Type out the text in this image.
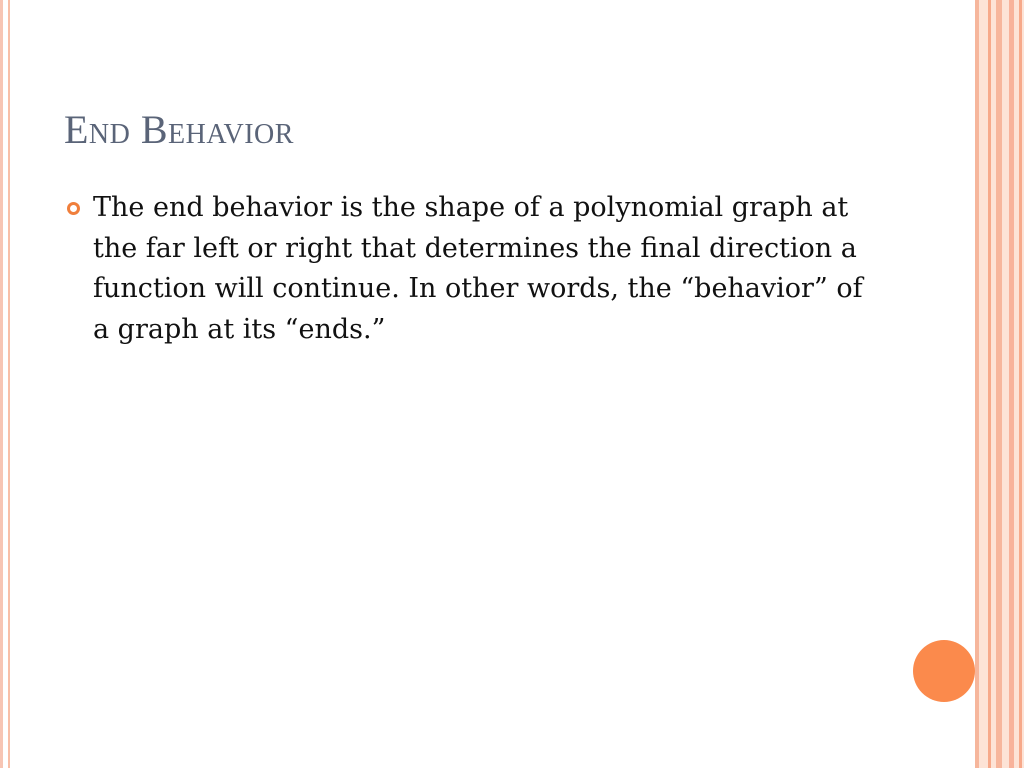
End Behavior
The end behavior is the shape of a polynomial graph at the far left or right that determines the final direction a function will continue. In other words, the “behavior” of a graph at its “ends.”
